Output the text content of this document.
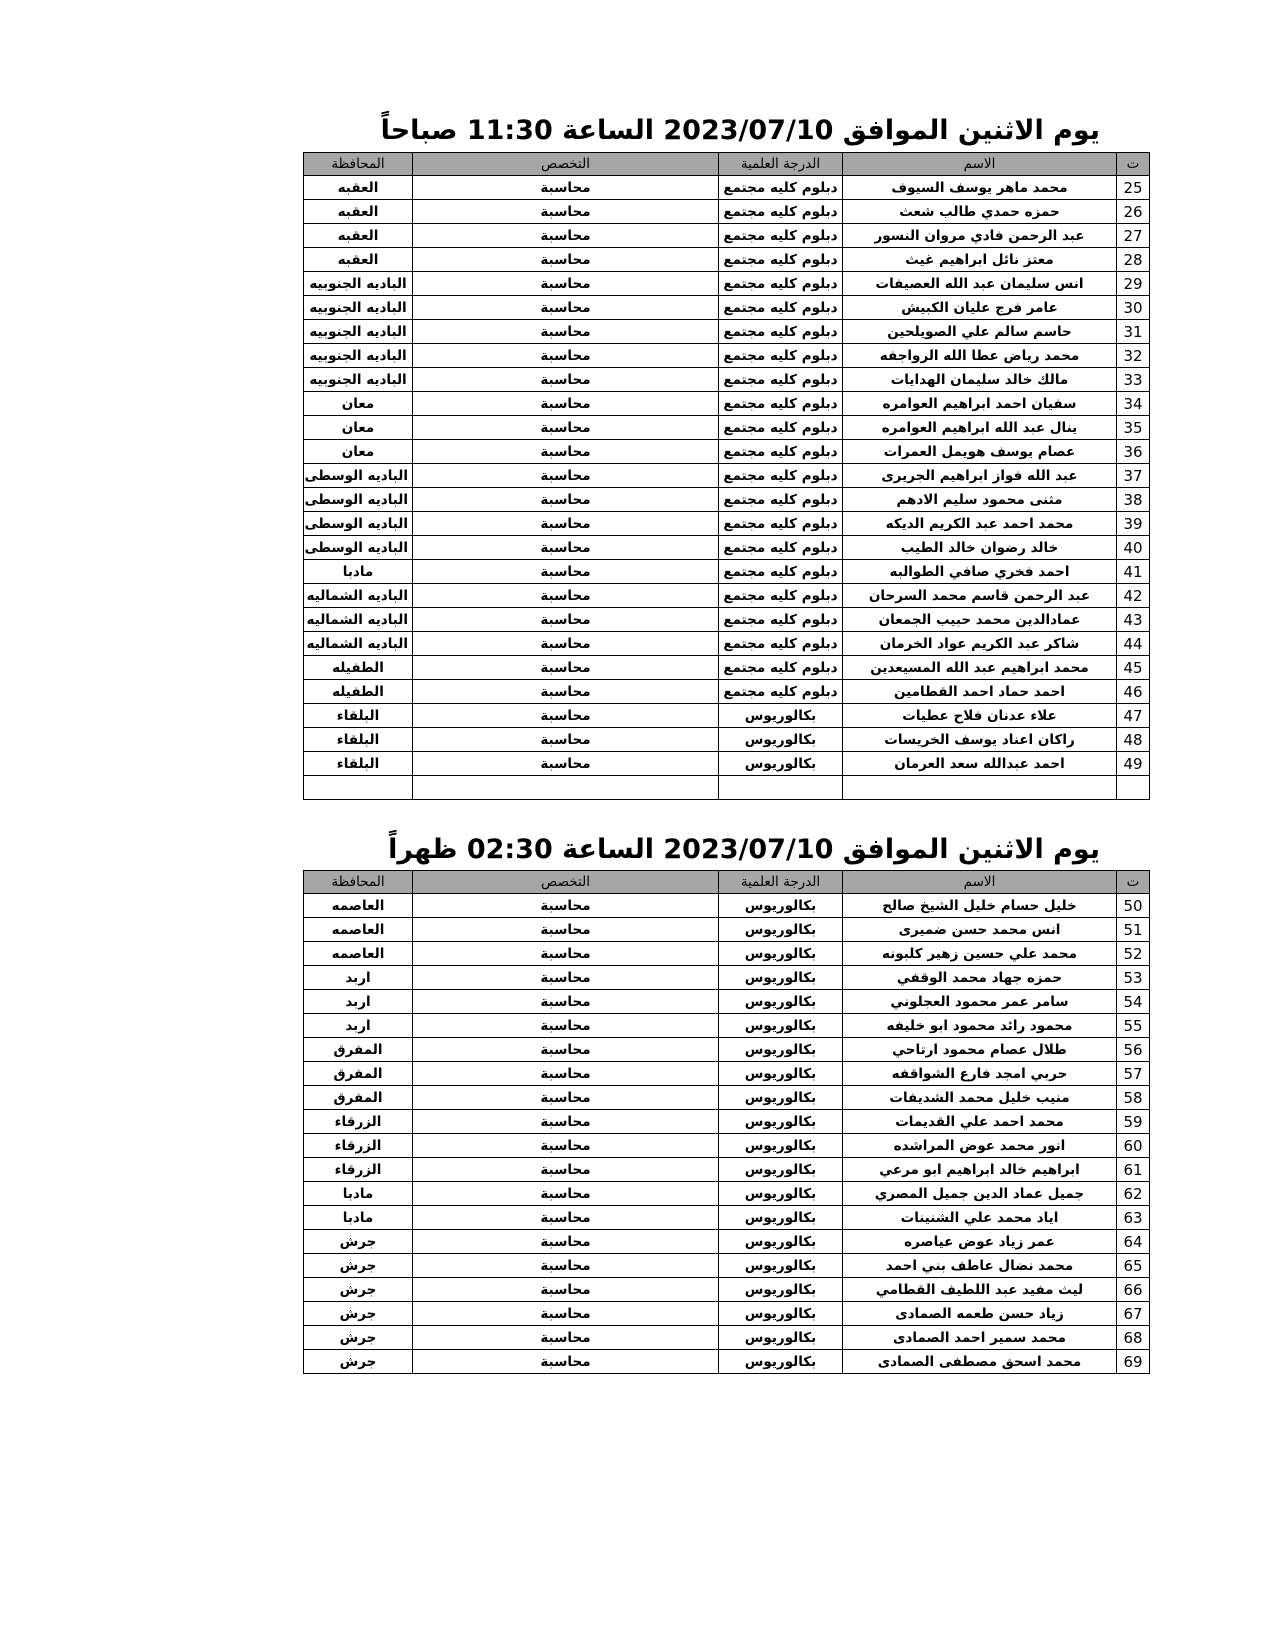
يوم الاثنين الموافق 2023/07/10 الساعة 11:30 صباحاً
ت	الاسم	الدرجة العلمية	التخصص	المحافظة
25	محمد ماهر يوسف السيوف	دبلوم كليه مجتمع	محاسبة	العقبه
26	حمزه حمدي طالب شعث	دبلوم كليه مجتمع	محاسبة	العقبه
27	عبد الرحمن فادي مروان النسور	دبلوم كليه مجتمع	محاسبة	العقبه
28	معتز نائل ابراهيم غيث	دبلوم كليه مجتمع	محاسبة	العقبه
29	انس سليمان عبد الله العصيفات	دبلوم كليه مجتمع	محاسبة	الباديه الجنوبيه
30	عامر فرج عليان الكبيش	دبلوم كليه مجتمع	محاسبة	الباديه الجنوبيه
31	حاسم سالم علي الصويلحين	دبلوم كليه مجتمع	محاسبة	الباديه الجنوبيه
32	محمد رياض عطا الله الرواجفه	دبلوم كليه مجتمع	محاسبة	الباديه الجنوبيه
33	مالك خالد سليمان الهدايات	دبلوم كليه مجتمع	محاسبة	الباديه الجنوبيه
34	سفيان احمد ابراهيم العوامره	دبلوم كليه مجتمع	محاسبة	معان
35	ينال عبد الله ابراهيم العوامره	دبلوم كليه مجتمع	محاسبة	معان
36	عصام يوسف هويمل العمرات	دبلوم كليه مجتمع	محاسبة	معان
37	عبد الله فواز ابراهيم الجريرى	دبلوم كليه مجتمع	محاسبة	الباديه الوسطى
38	مثنى محمود سليم الادهم	دبلوم كليه مجتمع	محاسبة	الباديه الوسطى
39	محمد احمد عبد الكريم الديكه	دبلوم كليه مجتمع	محاسبة	الباديه الوسطى
40	خالد رضوان خالد الطيب	دبلوم كليه مجتمع	محاسبة	الباديه الوسطى
41	احمد فخري صافي الطوالبه	دبلوم كليه مجتمع	محاسبة	مادبا
42	عبد الرحمن قاسم محمد السرحان	دبلوم كليه مجتمع	محاسبة	الباديه الشماليه
43	عمادالدين محمد حبيب الجمعان	دبلوم كليه مجتمع	محاسبة	الباديه الشماليه
44	شاكر عبد الكريم عواد الخرمان	دبلوم كليه مجتمع	محاسبة	الباديه الشماليه
45	محمد ابراهيم عبد الله المسيعدين	دبلوم كليه مجتمع	محاسبة	الطفيله
46	احمد حماد احمد القطامين	دبلوم كليه مجتمع	محاسبة	الطفيله
47	علاء عدنان فلاح عطيات	بكالوريوس	محاسبة	البلقاء
48	راكان اعناد يوسف الخريسات	بكالوريوس	محاسبة	البلقاء
49	احمد عبدالله سعد العرمان	بكالوريوس	محاسبة	البلقاء

يوم الاثنين الموافق 2023/07/10 الساعة 02:30 ظهراً
ت	الاسم	الدرجة العلمية	التخصص	المحافظة
50	خليل حسام خليل الشيخ صالح	بكالوريوس	محاسبة	العاصمه
51	انس محمد حسن ضميرى	بكالوريوس	محاسبة	العاصمه
52	محمد علي حسين زهير كلبونه	بكالوريوس	محاسبة	العاصمه
53	حمزه جهاد محمد الوقفي	بكالوريوس	محاسبة	اربد
54	سامر عمر محمود العجلوني	بكالوريوس	محاسبة	اربد
55	محمود رائد محمود ابو خليفه	بكالوريوس	محاسبة	اربد
56	طلال عصام محمود ارتاحي	بكالوريوس	محاسبة	المفرق
57	حربي امجد فارع الشواقفه	بكالوريوس	محاسبة	المفرق
58	منيب خليل محمد الشديفات	بكالوريوس	محاسبة	المفرق
59	محمد احمد علي القديمات	بكالوريوس	محاسبة	الزرقاء
60	انور محمد عوض المراشده	بكالوريوس	محاسبة	الزرقاء
61	ابراهيم خالد ابراهيم ابو مرعي	بكالوريوس	محاسبة	الزرقاء
62	جميل عماد الدين جميل المصري	بكالوريوس	محاسبة	مادبا
63	اياد محمد علي الشنينات	بكالوريوس	محاسبة	مادبا
64	عمر زياد عوض عياصره	بكالوريوس	محاسبة	جرش
65	محمد نضال عاطف بني احمد	بكالوريوس	محاسبة	جرش
66	ليث مفيد عبد اللطيف القطامي	بكالوريوس	محاسبة	جرش
67	زياد حسن طعمه الصمادى	بكالوريوس	محاسبة	جرش
68	محمد سمير احمد الصمادى	بكالوريوس	محاسبة	جرش
69	محمد اسحق مصطفى الصمادى	بكالوريوس	محاسبة	جرش
